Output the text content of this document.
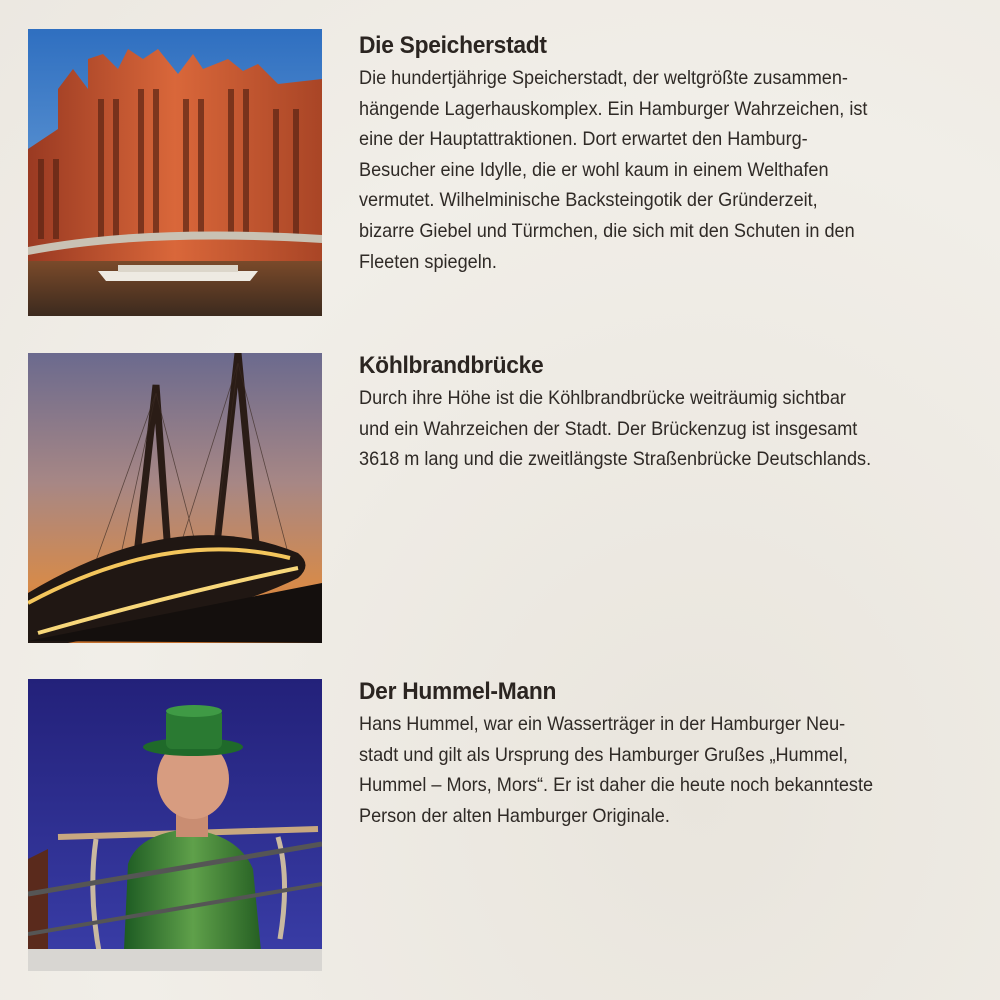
Die Speicherstadt
Die hundertjährige Speicherstadt, der weltgrößte zusammen-
hängende Lagerhauskomplex. Ein Hamburger Wahrzeichen, ist
eine der Hauptattraktionen. Dort erwartet den Hamburg-
Besucher eine Idylle, die er wohl kaum in einem Welthafen
vermutet. Wilhelminische Backsteingotik der Gründerzeit,
bizarre Giebel und Türmchen, die sich mit den Schuten in den
Fleeten spiegeln.
Köhlbrandbrücke
Durch ihre Höhe ist die Köhlbrandbrücke weiträumig sichtbar
und ein Wahrzeichen der Stadt. Der Brückenzug ist insgesamt
3618 m lang und die zweitlängste Straßenbrücke Deutschlands.
Der Hummel-Mann
Hans Hummel, war ein Wasserträger in der Hamburger Neu-
stadt und gilt als Ursprung des Hamburger Grußes „Hummel,
Hummel – Mors, Mors“. Er ist daher die heute noch bekannteste
Person der alten Hamburger Originale.
